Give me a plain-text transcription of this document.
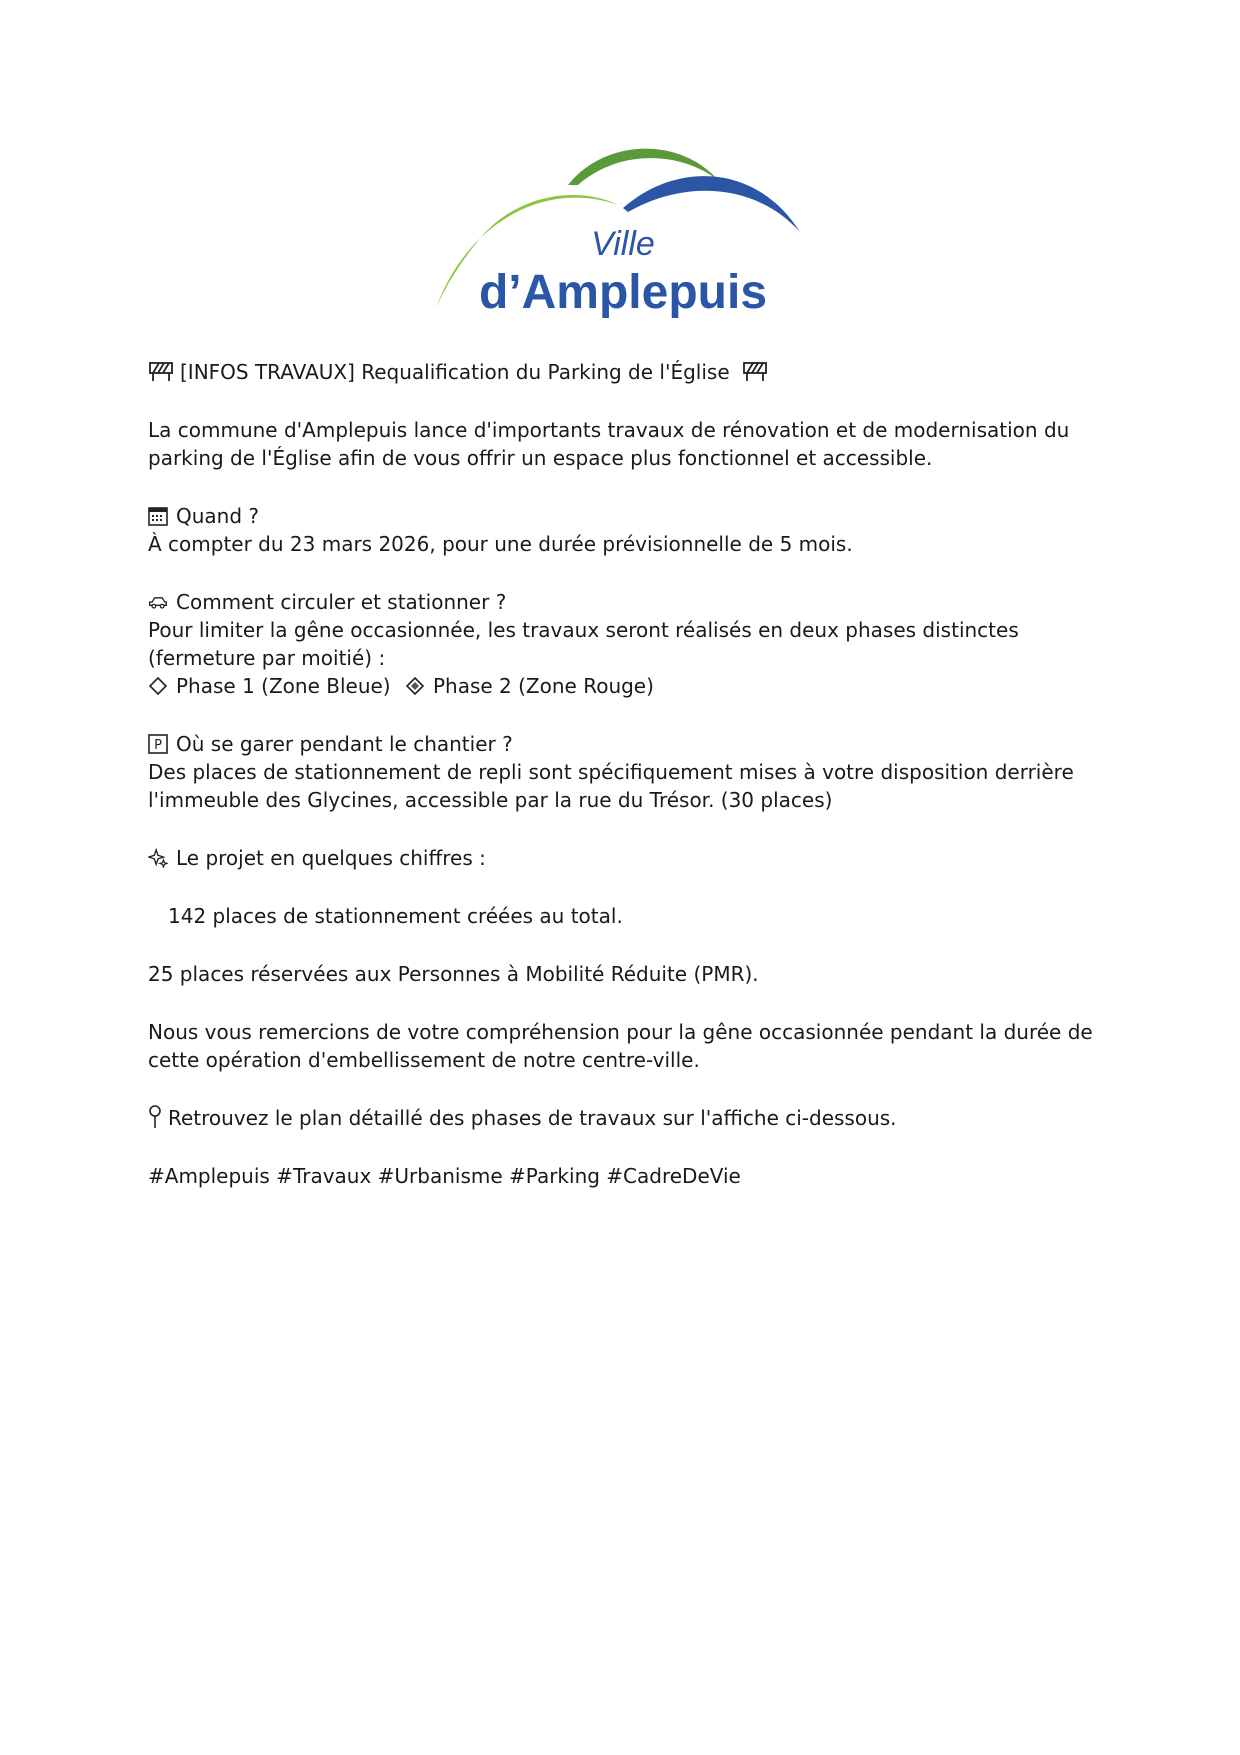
Ville
d’Amplepuis

[INFOS TRAVAUX] Requalification du Parking de l'Église

La commune d'Amplepuis lance d'importants travaux de rénovation et de modernisation du parking de l'Église afin de vous offrir un espace plus fonctionnel et accessible.

Quand ?

À compter du 23 mars 2026, pour une durée prévisionnelle de 5 mois.

Comment circuler et stationner ?

Pour limiter la gêne occasionnée, les travaux seront réalisés en deux phases distinctes (fermeture par moitié) :

Phase 1 (Zone Bleue) Phase 2 (Zone Rouge)

P Où se garer pendant le chantier ?

Des places de stationnement de repli sont spécifiquement mises à votre disposition derrière l'immeuble des Glycines, accessible par la rue du Trésor. (30 places)

Le projet en quelques chiffres :

142 places de stationnement créées au total.

25 places réservées aux Personnes à Mobilité Réduite (PMR).

Nous vous remercions de votre compréhension pour la gêne occasionnée pendant la durée de cette opération d'embellissement de notre centre-ville.

Retrouvez le plan détaillé des phases de travaux sur l'affiche ci-dessous.

#Amplepuis #Travaux #Urbanisme #Parking #CadreDeVie
